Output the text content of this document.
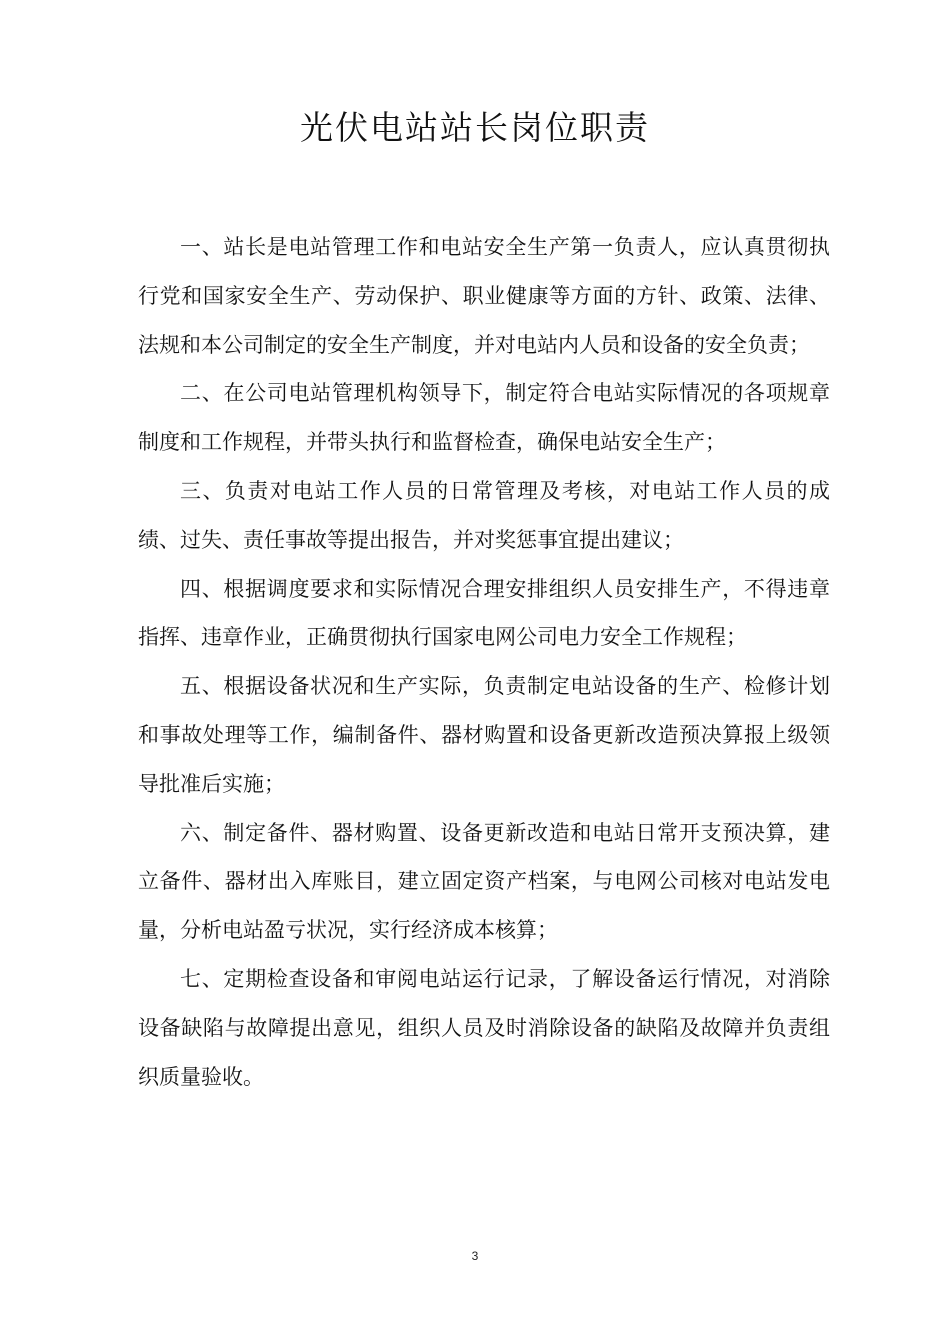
光伏电站站长岗位职责

一、站长是电站管理工作和电站安全生产第一负责人，应认真贯彻执行党和国家安全生产、劳动保护、职业健康等方面的方针、政策、法律、法规和本公司制定的安全生产制度，并对电站内人员和设备的安全负责；

二、在公司电站管理机构领导下，制定符合电站实际情况的各项规章制度和工作规程，并带头执行和监督检查，确保电站安全生产；

三、负责对电站工作人员的日常管理及考核，对电站工作人员的成绩、过失、责任事故等提出报告，并对奖惩事宜提出建议；

四、根据调度要求和实际情况合理安排组织人员安排生产，不得违章指挥、违章作业，正确贯彻执行国家电网公司电力安全工作规程；

五、根据设备状况和生产实际，负责制定电站设备的生产、检修计划和事故处理等工作，编制备件、器材购置和设备更新改造预决算报上级领导批准后实施；

六、制定备件、器材购置、设备更新改造和电站日常开支预决算，建立备件、器材出入库账目，建立固定资产档案，与电网公司核对电站发电量，分析电站盈亏状况，实行经济成本核算；

七、定期检查设备和审阅电站运行记录，了解设备运行情况，对消除设备缺陷与故障提出意见，组织人员及时消除设备的缺陷及故障并负责组织质量验收。

3
